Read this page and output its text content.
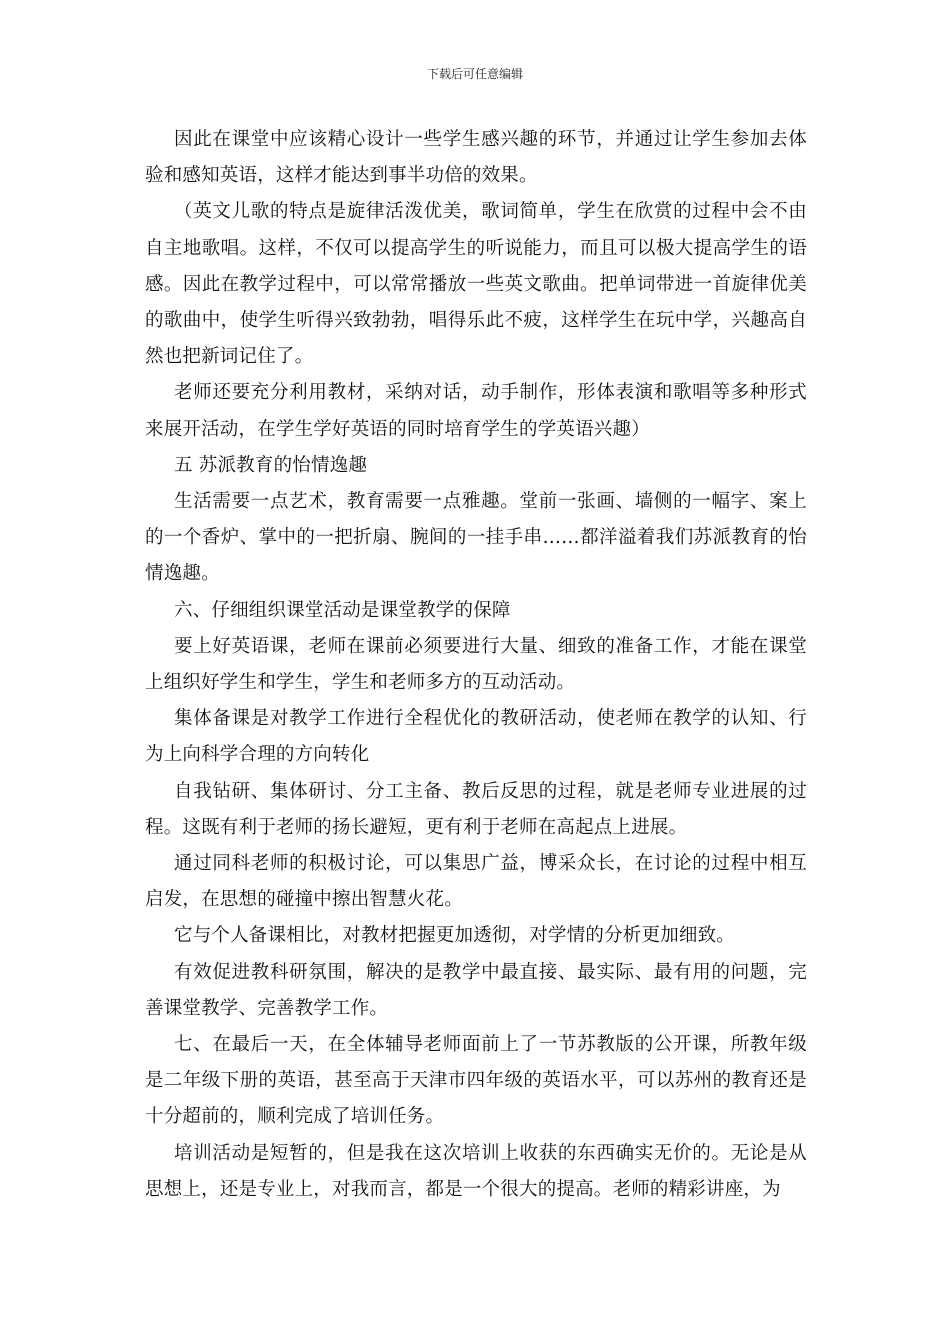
下载后可任意编辑

因此在课堂中应该精心设计一些学生感兴趣的环节，并通过让学生参加去体验和感知英语，这样才能达到事半功倍的效果。

（英文儿歌的特点是旋律活泼优美，歌词简单，学生在欣赏的过程中会不由自主地歌唱。这样，不仅可以提高学生的听说能力，而且可以极大提高学生的语感。因此在教学过程中，可以常常播放一些英文歌曲。把单词带进一首旋律优美的歌曲中，使学生听得兴致勃勃，唱得乐此不疲，这样学生在玩中学，兴趣高自然也把新词记住了。

老师还要充分利用教材，采纳对话，动手制作，形体表演和歌唱等多种形式来展开活动，在学生学好英语的同时培育学生的学英语兴趣）

五 苏派教育的怡情逸趣

生活需要一点艺术，教育需要一点雅趣。堂前一张画、墙侧的一幅字、案上的一个香炉、掌中的一把折扇、腕间的一挂手串……都洋溢着我们苏派教育的怡情逸趣。

六、仔细组织课堂活动是课堂教学的保障

要上好英语课，老师在课前必须要进行大量、细致的准备工作，才能在课堂上组织好学生和学生，学生和老师多方的互动活动。

集体备课是对教学工作进行全程优化的教研活动，使老师在教学的认知、行为上向科学合理的方向转化

自我钻研、集体研讨、分工主备、教后反思的过程，就是老师专业进展的过程。这既有利于老师的扬长避短，更有利于老师在高起点上进展。

通过同科老师的积极讨论，可以集思广益，博采众长，在讨论的过程中相互启发，在思想的碰撞中擦出智慧火花。

它与个人备课相比，对教材把握更加透彻，对学情的分析更加细致。

有效促进教科研氛围，解决的是教学中最直接、最实际、最有用的问题，完善课堂教学、完善教学工作。

七、在最后一天，在全体辅导老师面前上了一节苏教版的公开课，所教年级是二年级下册的英语，甚至高于天津市四年级的英语水平，可以苏州的教育还是十分超前的，顺利完成了培训任务。

培训活动是短暂的，但是我在这次培训上收获的东西确实无价的。无论是从思想上，还是专业上，对我而言，都是一个很大的提高。老师的精彩讲座，为
